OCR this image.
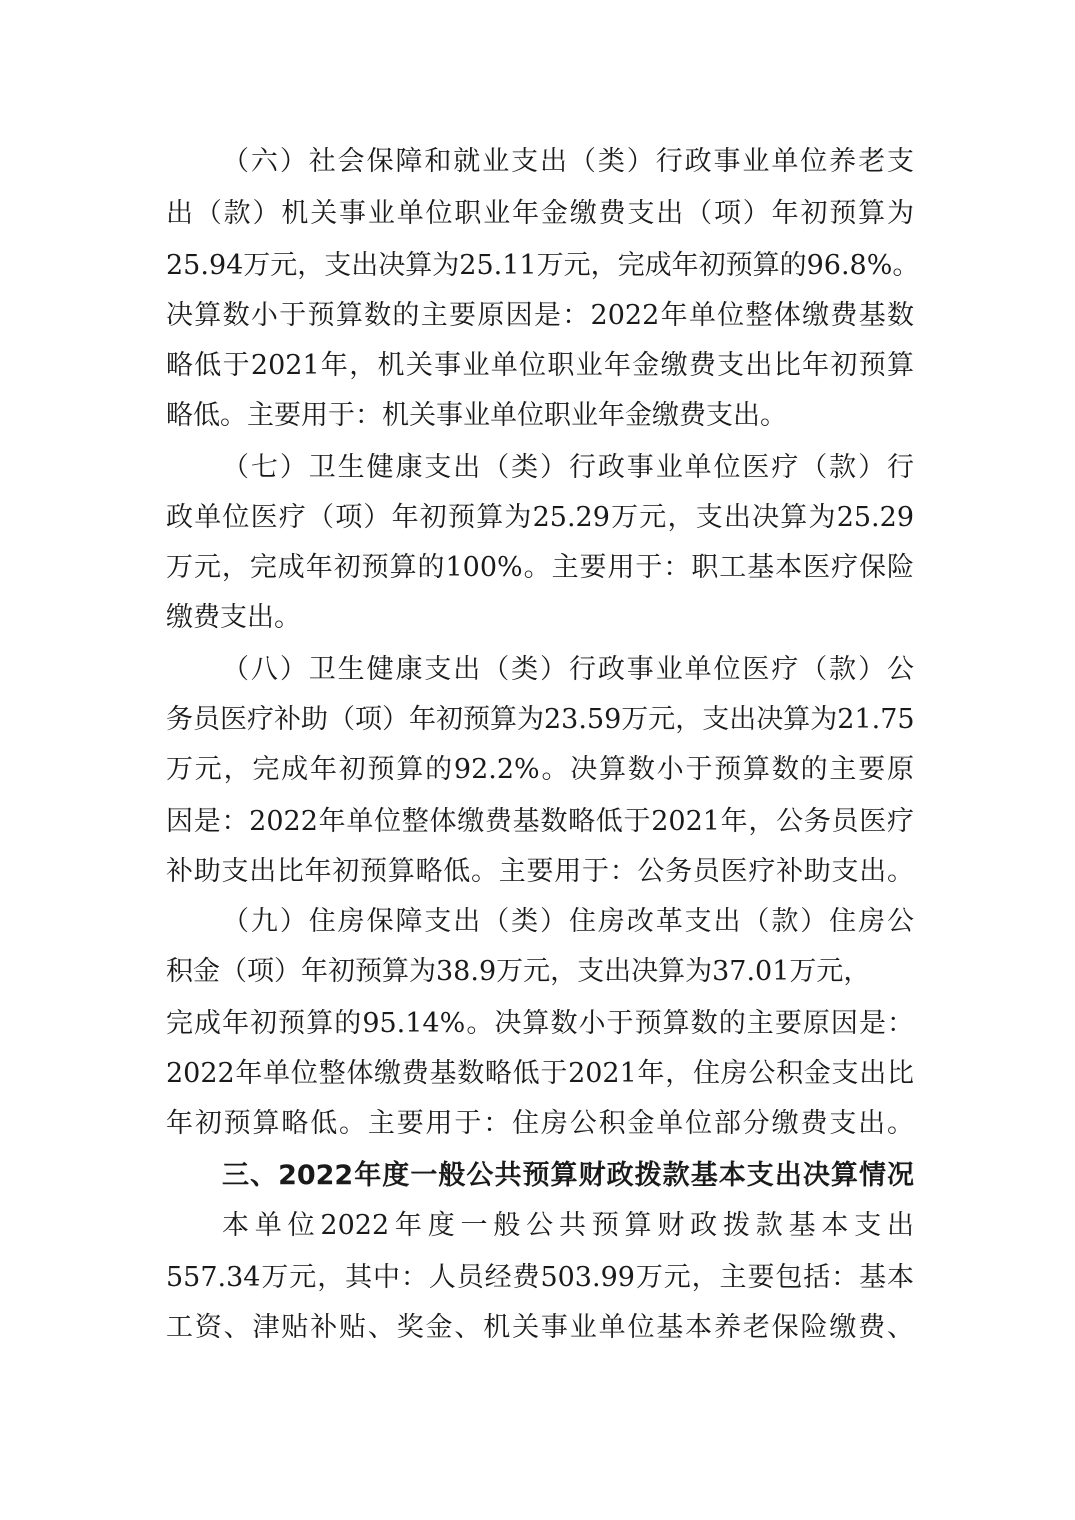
（六）社会保障和就业支出（类）行政事业单位养老支
出（款）机关事业单位职业年金缴费支出（项）年初预算为
25.94万元，支出决算为25.11万元，完成年初预算的96.8%。
决算数小于预算数的主要原因是：2022年单位整体缴费基数
略低于2021年，机关事业单位职业年金缴费支出比年初预算
略低。主要用于：机关事业单位职业年金缴费支出。
（七）卫生健康支出（类）行政事业单位医疗（款）行
政单位医疗（项）年初预算为25.29万元，支出决算为25.29
万元，完成年初预算的100%。主要用于：职工基本医疗保险
缴费支出。
（八）卫生健康支出（类）行政事业单位医疗（款）公
务员医疗补助（项）年初预算为23.59万元，支出决算为21.75
万元，完成年初预算的92.2%。决算数小于预算数的主要原
因是：2022年单位整体缴费基数略低于2021年，公务员医疗
补助支出比年初预算略低。主要用于：公务员医疗补助支出。
（九）住房保障支出（类）住房改革支出（款）住房公
积金（项）年初预算为38.9万元，支出决算为37.01万元，
完成年初预算的95.14%。决算数小于预算数的主要原因是：
2022年单位整体缴费基数略低于2021年，住房公积金支出比
年初预算略低。主要用于：住房公积金单位部分缴费支出。
三、2022年度一般公共预算财政拨款基本支出决算情况
本单位2022年度一般公共预算财政拨款基本支出
557.34万元，其中：人员经费503.99万元，主要包括：基本
工资、津贴补贴、奖金、机关事业单位基本养老保险缴费、
